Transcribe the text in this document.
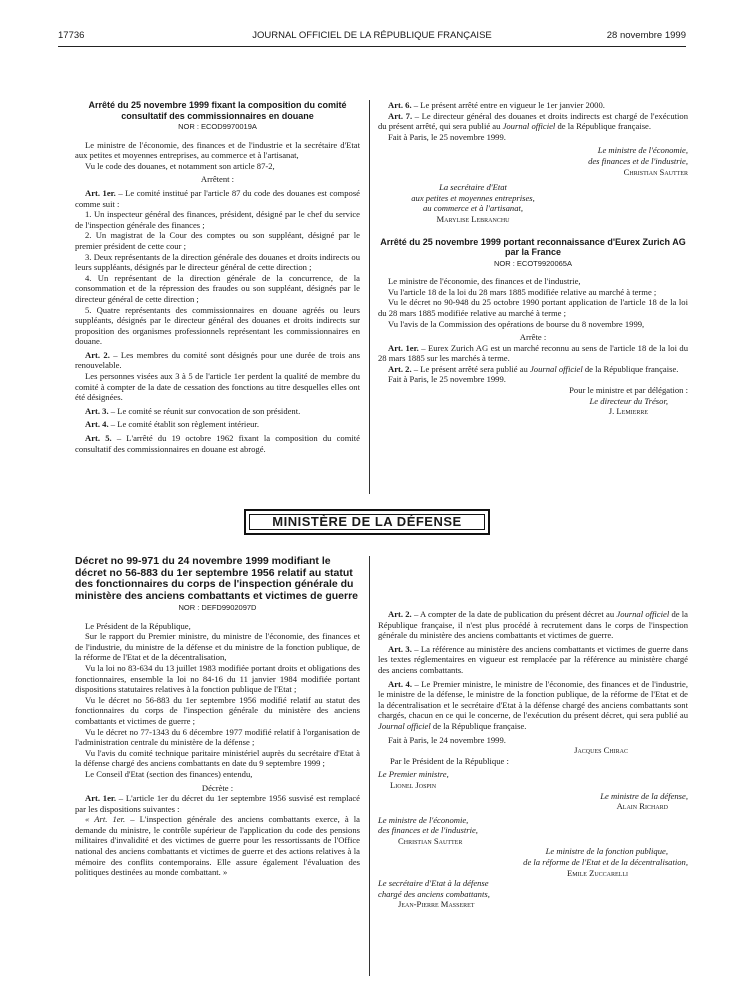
17736	JOURNAL OFFICIEL DE LA RÉPUBLIQUE FRANÇAISE	28 novembre 1999
Arrêté du 25 novembre 1999 fixant la composition du comité consultatif des commissionnaires en douane
NOR : ECOD9970019A

Le ministre de l'économie, des finances et de l'industrie et la secrétaire d'Etat aux petites et moyennes entreprises, au commerce et à l'artisanat,

Vu le code des douanes, et notamment son article 87-2,

Arrêtent :

Art. 1er. – Le comité institué par l'article 87 du code des douanes est composé comme suit :

1. Un inspecteur général des finances, président, désigné par le chef du service de l'inspection générale des finances ;

2. Un magistrat de la Cour des comptes ou son suppléant, désigné par le premier président de cette cour ;

3. Deux représentants de la direction générale des douanes et droits indirects ou leurs suppléants, désignés par le directeur général de cette direction ;

4. Un représentant de la direction générale de la concurrence, de la consommation et de la répression des fraudes ou son suppléant, désignés par le directeur général de cette direction ;

5. Quatre représentants des commissionnaires en douane agréés ou leurs suppléants, désignés par le directeur général des douanes et droits indirects sur proposition des organismes professionnels représentant les commissionnaires en douane.

Art. 2. – Les membres du comité sont désignés pour une durée de trois ans renouvelable.

Les personnes visées aux 3 à 5 de l'article 1er perdent la qualité de membre du comité à compter de la date de cessation des fonctions au titre desquelles elles ont été désignées.

Art. 3. – Le comité se réunit sur convocation de son président.

Art. 4. – Le comité établit son règlement intérieur.

Art. 5. – L'arrêté du 19 octobre 1962 fixant la composition du comité consultatif des commissionnaires en douane est abrogé.

Art. 6. – Le présent arrêté entre en vigueur le 1er janvier 2000.

Art. 7. – Le directeur général des douanes et droits indirects est chargé de l'exécution du présent arrêté, qui sera publié au Journal officiel de la République française.

Fait à Paris, le 25 novembre 1999.

Le ministre de l'économie,

des finances et de l'industrie,

Christian Sautter

La secrétaire d'Etat
aux petites et moyennes entreprises,
au commerce et à l'artisanat,
Marylise Lebranchu
Arrêté du 25 novembre 1999 portant reconnaissance d'Eurex Zurich AG par la France
NOR : ECOT9920065A

Le ministre de l'économie, des finances et de l'industrie,

Vu l'article 18 de la loi du 28 mars 1885 modifiée relative au marché à terme ;

Vu le décret no 90-948 du 25 octobre 1990 portant application de l'article 18 de la loi du 28 mars 1885 modifiée relative au marché à terme ;

Vu l'avis de la Commission des opérations de bourse du 8 novembre 1999,

Arrête :

Art. 1er. – Eurex Zurich AG est un marché reconnu au sens de l'article 18 de la loi du 28 mars 1885 sur les marchés à terme.

Art. 2. – Le présent arrêté sera publié au Journal officiel de la République française.

Fait à Paris, le 25 novembre 1999.

Pour le ministre et par délégation :

Le directeur du Trésor,

J. Lemierre

MINISTÈRE DE LA DÉFENSE
Décret no 99-971 du 24 novembre 1999 modifiant le décret no 56-883 du 1er septembre 1956 relatif au statut des fonctionnaires du corps de l'inspection générale du ministère des anciens combattants et victimes de guerre
NOR : DEFD9902097D

Le Président de la République,

Sur le rapport du Premier ministre, du ministre de l'économie, des finances et de l'industrie, du ministre de la défense et du ministre de la fonction publique, de la réforme de l'Etat et de la décentralisation,

Vu la loi no 83-634 du 13 juillet 1983 modifiée portant droits et obligations des fonctionnaires, ensemble la loi no 84-16 du 11 janvier 1984 modifiée portant dispositions statutaires relatives à la fonction publique de l'Etat ;

Vu le décret no 56-883 du 1er septembre 1956 modifié relatif au statut des fonctionnaires du corps de l'inspection générale du ministère des anciens combattants et victimes de guerre ;

Vu le décret no 77-1343 du 6 décembre 1977 modifié relatif à l'organisation de l'administration centrale du ministère de la défense ;

Vu l'avis du comité technique paritaire ministériel auprès du secrétaire d'Etat à la défense chargé des anciens combattants en date du 9 septembre 1999 ;

Le Conseil d'Etat (section des finances) entendu,

Décrète :

Art. 1er. – L'article 1er du décret du 1er septembre 1956 susvisé est remplacé par les dispositions suivantes :

« Art. 1er. – L'inspection générale des anciens combattants exerce, à la demande du ministre, le contrôle supérieur de l'application du code des pensions militaires d'invalidité et des victimes de guerre pour les ressortissants de l'Office national des anciens combattants et victimes de guerre et des actions relatives à la mémoire des conflits contemporains. Elle assure également l'évaluation des politiques destinées au monde combattant. »

Art. 2. – A compter de la date de publication du présent décret au Journal officiel de la République française, il n'est plus procédé à recrutement dans le corps de l'inspection générale du ministère des anciens combattants et victimes de guerre.

Art. 3. – La référence au ministère des anciens combattants et victimes de guerre dans les textes réglementaires en vigueur est remplacée par la référence au ministère chargé des anciens combattants.

Art. 4. – Le Premier ministre, le ministre de l'économie, des finances et de l'industrie, le ministre de la défense, le ministre de la fonction publique, de la réforme de l'Etat et de la décentralisation et le secrétaire d'Etat à la défense chargé des anciens combattants sont chargés, chacun en ce qui le concerne, de l'exécution du présent décret, qui sera publié au Journal officiel de la République française.

Fait à Paris, le 24 novembre 1999.

Jacques Chirac

Par le Président de la République :

Le Premier ministre,

Lionel Jospin

Le ministre de la défense,

Alain Richard

Le ministre de l'économie,

des finances et de l'industrie,

Christian Sautter

Le ministre de la fonction publique,

de la réforme de l'Etat et de la décentralisation,

Emile Zuccarelli

Le secrétaire d'Etat à la défense

chargé des anciens combattants,

Jean-Pierre Masseret
